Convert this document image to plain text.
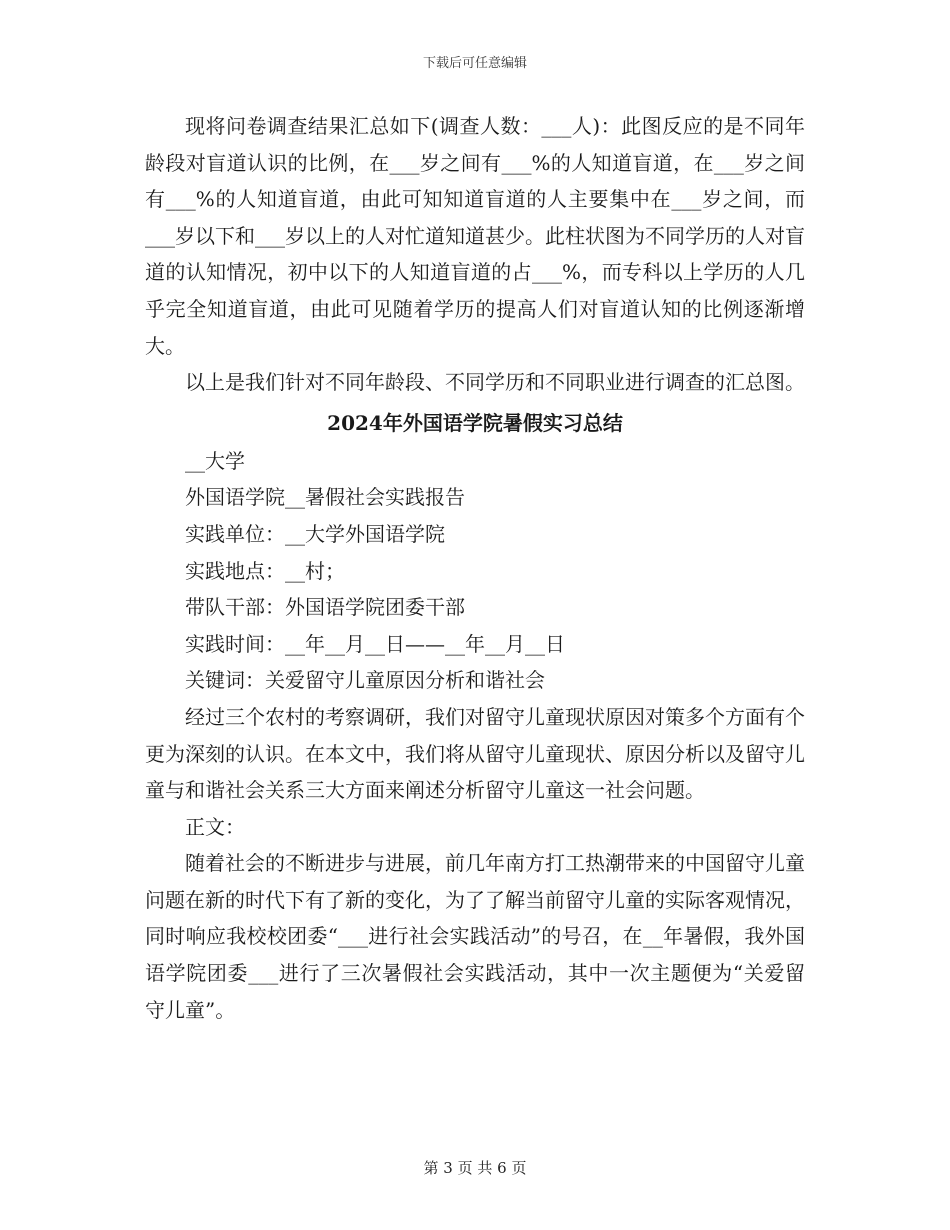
下载后可任意编辑

现将问卷调查结果汇总如下(调查人数：___人)：此图反应的是不同年龄段对盲道认识的比例，在___岁之间有___%的人知道盲道，在___岁之间有___%的人知道盲道，由此可知知道盲道的人主要集中在___岁之间，而___岁以下和___岁以上的人对忙道知道甚少。此柱状图为不同学历的人对盲道的认知情况，初中以下的人知道盲道的占___%，而专科以上学历的人几乎完全知道盲道，由此可见随着学历的提高人们对盲道认知的比例逐渐增大。

以上是我们针对不同年龄段、不同学历和不同职业进行调查的汇总图。

2024年外国语学院暑假实习总结

__大学

外国语学院__暑假社会实践报告

实践单位：__大学外国语学院

实践地点：__村；

带队干部：外国语学院团委干部

实践时间：__年__月__日——__年__月__日

关键词：关爱留守儿童原因分析和谐社会

经过三个农村的考察调研，我们对留守儿童现状原因对策多个方面有个更为深刻的认识。在本文中，我们将从留守儿童现状、原因分析以及留守儿童与和谐社会关系三大方面来阐述分析留守儿童这一社会问题。

正文：

随着社会的不断进步与进展，前几年南方打工热潮带来的中国留守儿童问题在新的时代下有了新的变化，为了了解当前留守儿童的实际客观情况，同时响应我校校团委“___进行社会实践活动”的号召，在__年暑假，我外国语学院团委___进行了三次暑假社会实践活动，其中一次主题便为“关爱留守儿童”。

第 3 页 共 6 页
